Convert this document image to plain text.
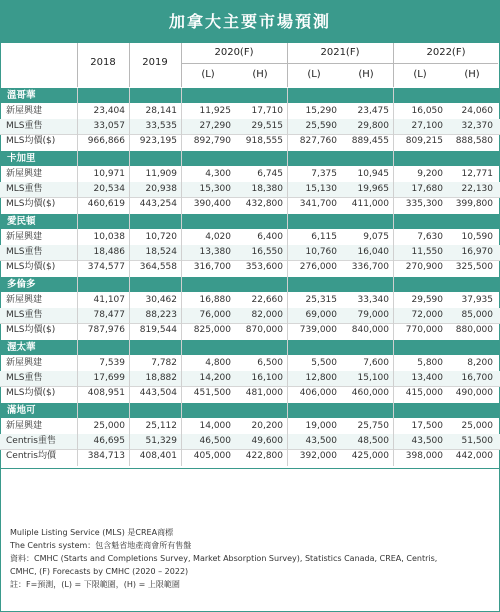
加拿大主要市場預測
2018	2019
2020(F)	2021(F)	2022(F)
(L)	(H)	(L)	(H)	(L)	(H)
溫哥華
新屋興建	23,404	28,141	11,925	17,710	15,290	23,475	16,050	24,060
MLS重售	33,057	33,535	27,290	29,515	25,590	29,800	27,100	32,370
MLS均價($)	966,866	923,195	892,790	918,555	827,760	889,455	809,215	888,580
卡加里
新屋興建	10,971	11,909	4,300	6,745	7,375	10,945	9,200	12,771
MLS重售	20,534	20,938	15,300	18,380	15,130	19,965	17,680	22,130
MLS均價($)	460,619	443,254	390,400	432,800	341,700	411,000	335,300	399,800
愛民頓
新屋興建	10,038	10,720	4,020	6,400	6,115	9,075	7,630	10,590
MLS重售	18,486	18,524	13,380	16,550	10,760	16,040	11,550	16,970
MLS均價($)	374,577	364,558	316,700	353,600	276,000	336,700	270,900	325,500
多倫多
新屋興建	41,107	30,462	16,880	22,660	25,315	33,340	29,590	37,935
MLS重售	78,477	88,223	76,000	82,000	69,000	79,000	72,000	85,000
MLS均價($)	787,976	819,544	825,000	870,000	739,000	840,000	770,000	880,000
渥太華
新屋興建	7,539	7,782	4,800	6,500	5,500	7,600	5,800	8,200
MLS重售	17,699	18,882	14,200	16,100	12,800	15,100	13,400	16,700
MLS均價($)	408,951	443,504	451,500	481,000	406,000	460,000	415,000	490,000
滿地可
新屋興建	25,000	25,112	14,000	20,200	19,000	25,750	17,500	25,000
Centris重售	46,695	51,329	46,500	49,600	43,500	48,500	43,500	51,500
Centris均價	384,713	408,401	405,000	422,800	392,000	425,000	398,000	442,000
Muliple Listing Service (MLS) 是CREA商標
The Centris system：包含魁省地產商會所有售盤
資料：CMHC (Starts and Completions Survey, Market Absorption Survey), Statistics Canada, CREA, Centris,
CMHC, (F) Forecasts by CMHC (2020 – 2022)
註：F=預測，(L) = 下限範圍，(H) = 上限範圍
